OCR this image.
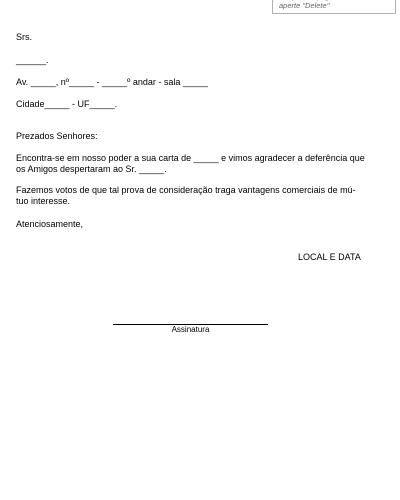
aperte "Delete"
Srs.
______.
Av. _____, nº_____ - _____º andar - sala _____
Cidade_____ - UF_____.
Prezados Senhores:
Encontra-se em nosso poder a sua carta de _____ e vimos agradecer a deferência que os Amigos despertaram ao Sr. _____.
Fazemos votos de que tal prova de consideração traga vantagens comerciais de mú-tuo interesse.
Atenciosamente,
LOCAL E DATA
Assinatura
